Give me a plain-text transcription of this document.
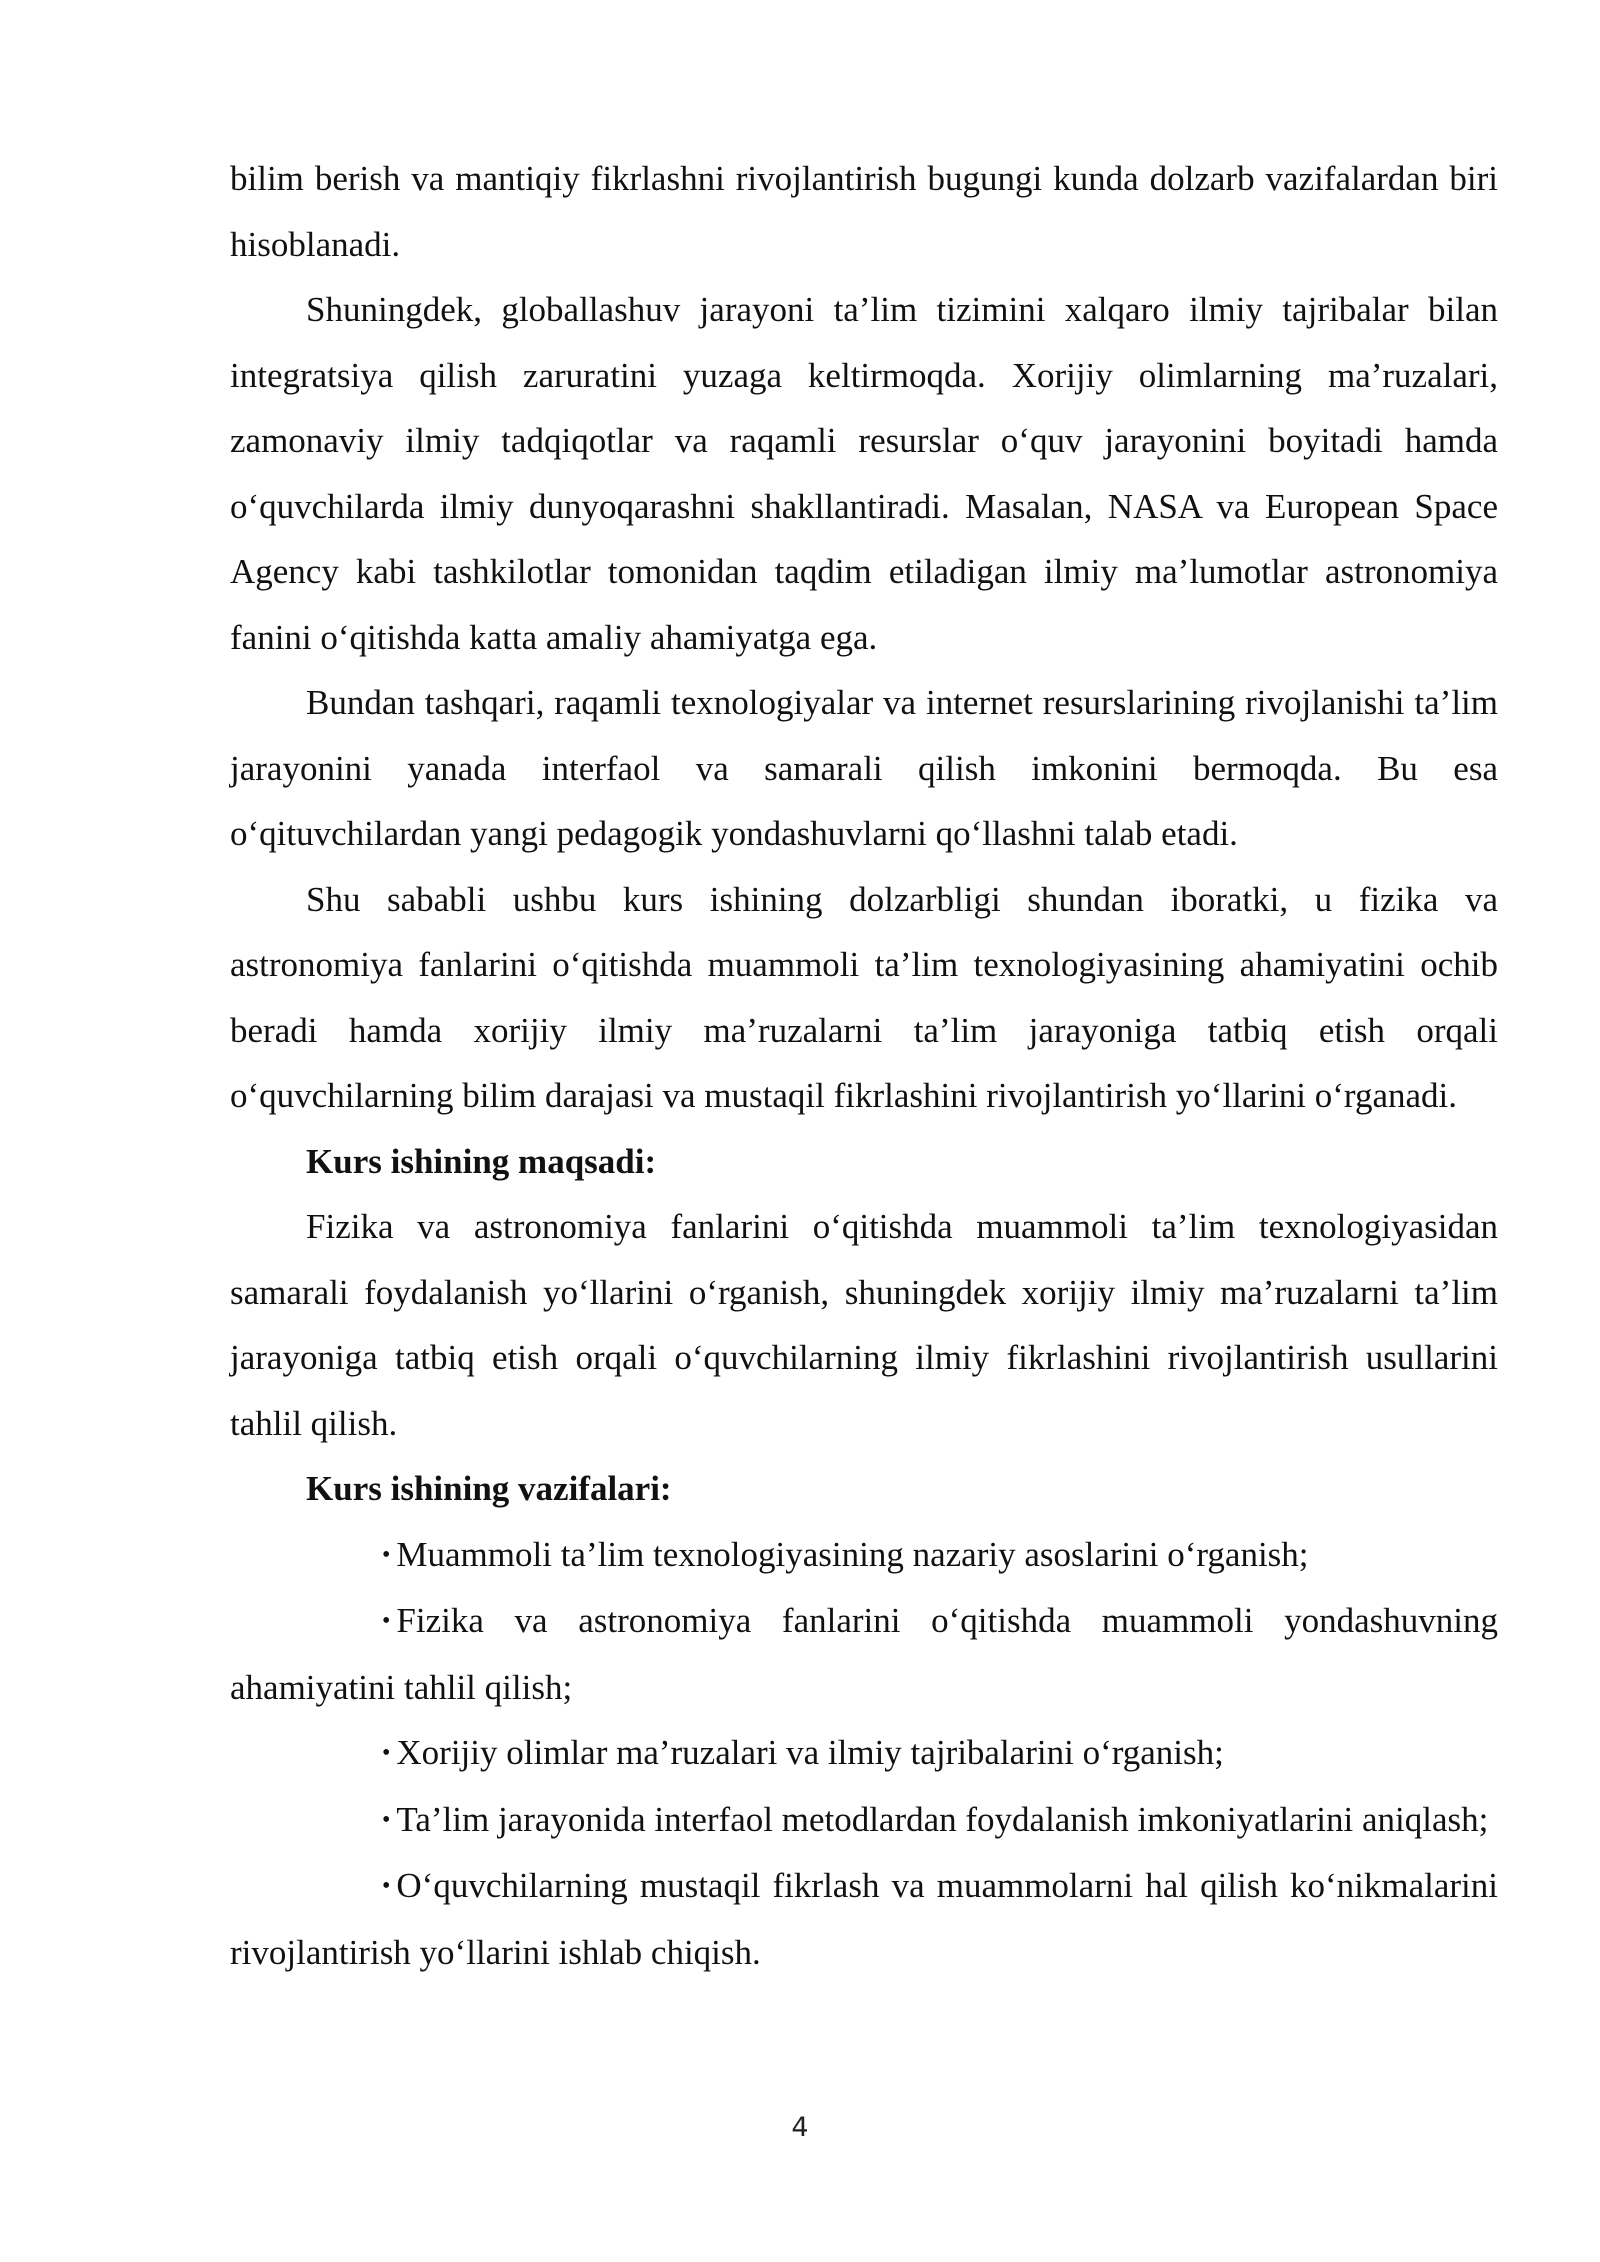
bilim berish va mantiqiy fikrlashni rivojlantirish bugungi kunda dolzarb vazifalardan biri hisoblanadi.

Shuningdek, globallashuv jarayoni ta’lim tizimini xalqaro ilmiy tajribalar bilan integratsiya qilish zaruratini yuzaga keltirmoqda. Xorijiy olimlarning ma’ruzalari, zamonaviy ilmiy tadqiqotlar va raqamli resurslar o‘quv jarayonini boyitadi hamda o‘quvchilarda ilmiy dunyoqarashni shakllantiradi. Masalan, NASA va European Space Agency kabi tashkilotlar tomonidan taqdim etiladigan ilmiy ma’lumotlar astronomiya fanini o‘qitishda katta amaliy ahamiyatga ega.

Bundan tashqari, raqamli texnologiyalar va internet resurslarining rivojlanishi ta’lim jarayonini yanada interfaol va samarali qilish imkonini bermoqda. Bu esa o‘qituvchilardan yangi pedagogik yondashuvlarni qo‘llashni talab etadi.

Shu sababli ushbu kurs ishining dolzarbligi shundan iboratki, u fizika va astronomiya fanlarini o‘qitishda muammoli ta’lim texnologiyasining ahamiyatini ochib beradi hamda xorijiy ilmiy ma’ruzalarni ta’lim jarayoniga tatbiq etish orqali o‘quvchilarning bilim darajasi va mustaqil fikrlashini rivojlantirish yo‘llarini o‘rganadi.

Kurs ishining maqsadi:

Fizika va astronomiya fanlarini o‘qitishda muammoli ta’lim texnologiyasidan samarali foydalanish yo‘llarini o‘rganish, shuningdek xorijiy ilmiy ma’ruzalarni ta’lim jarayoniga tatbiq etish orqali o‘quvchilarning ilmiy fikrlashini rivojlantirish usullarini tahlil qilish.

Kurs ishining vazifalari:

• Muammoli ta’lim texnologiyasining nazariy asoslarini o‘rganish;

• Fizika va astronomiya fanlarini o‘qitishda muammoli yondashuvning ahamiyatini tahlil qilish;

• Xorijiy olimlar ma’ruzalari va ilmiy tajribalarini o‘rganish;

• Ta’lim jarayonida interfaol metodlardan foydalanish imkoniyatlarini aniqlash;

• O‘quvchilarning mustaqil fikrlash va muammolarni hal qilish ko‘nikmalarini rivojlantirish yo‘llarini ishlab chiqish.

4
